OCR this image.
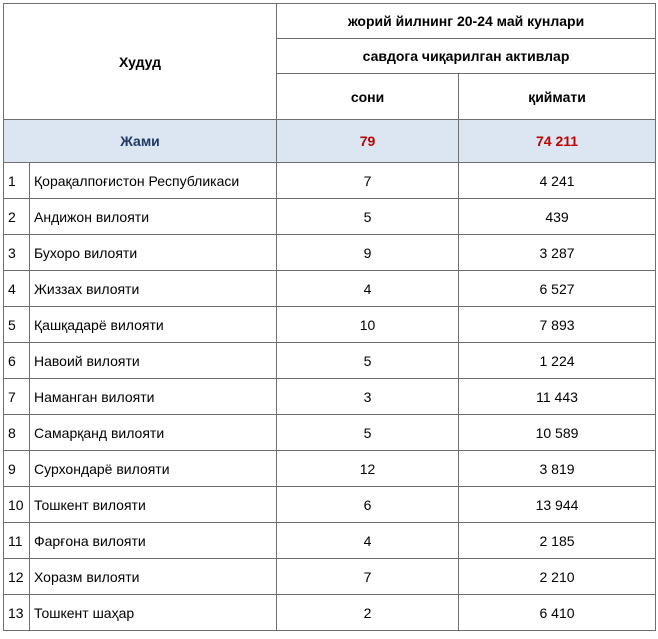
Худуд		жорий йилнинг 20-24 май кунлари	
		савдога чиқарилган активлар	
		сони	қиймати
Жами		79	74 211
1	Қорақалпоғистон Республикаси	7	4 241
2	Андижон вилояти	5	439
3	Бухоро вилояти	9	3 287
4	Жиззах вилояти	4	6 527
5	Қашқадарё вилояти	10	7 893
6	Навоий вилояти	5	1 224
7	Наманган вилояти	3	11 443
8	Самарқанд вилояти	5	10 589
9	Сурхондарё вилояти	12	3 819
10	Тошкент вилояти	6	13 944
11	Фарғона вилояти	4	2 185
12	Хоразм вилояти	7	2 210
13	Тошкент шаҳар	2	6 410
